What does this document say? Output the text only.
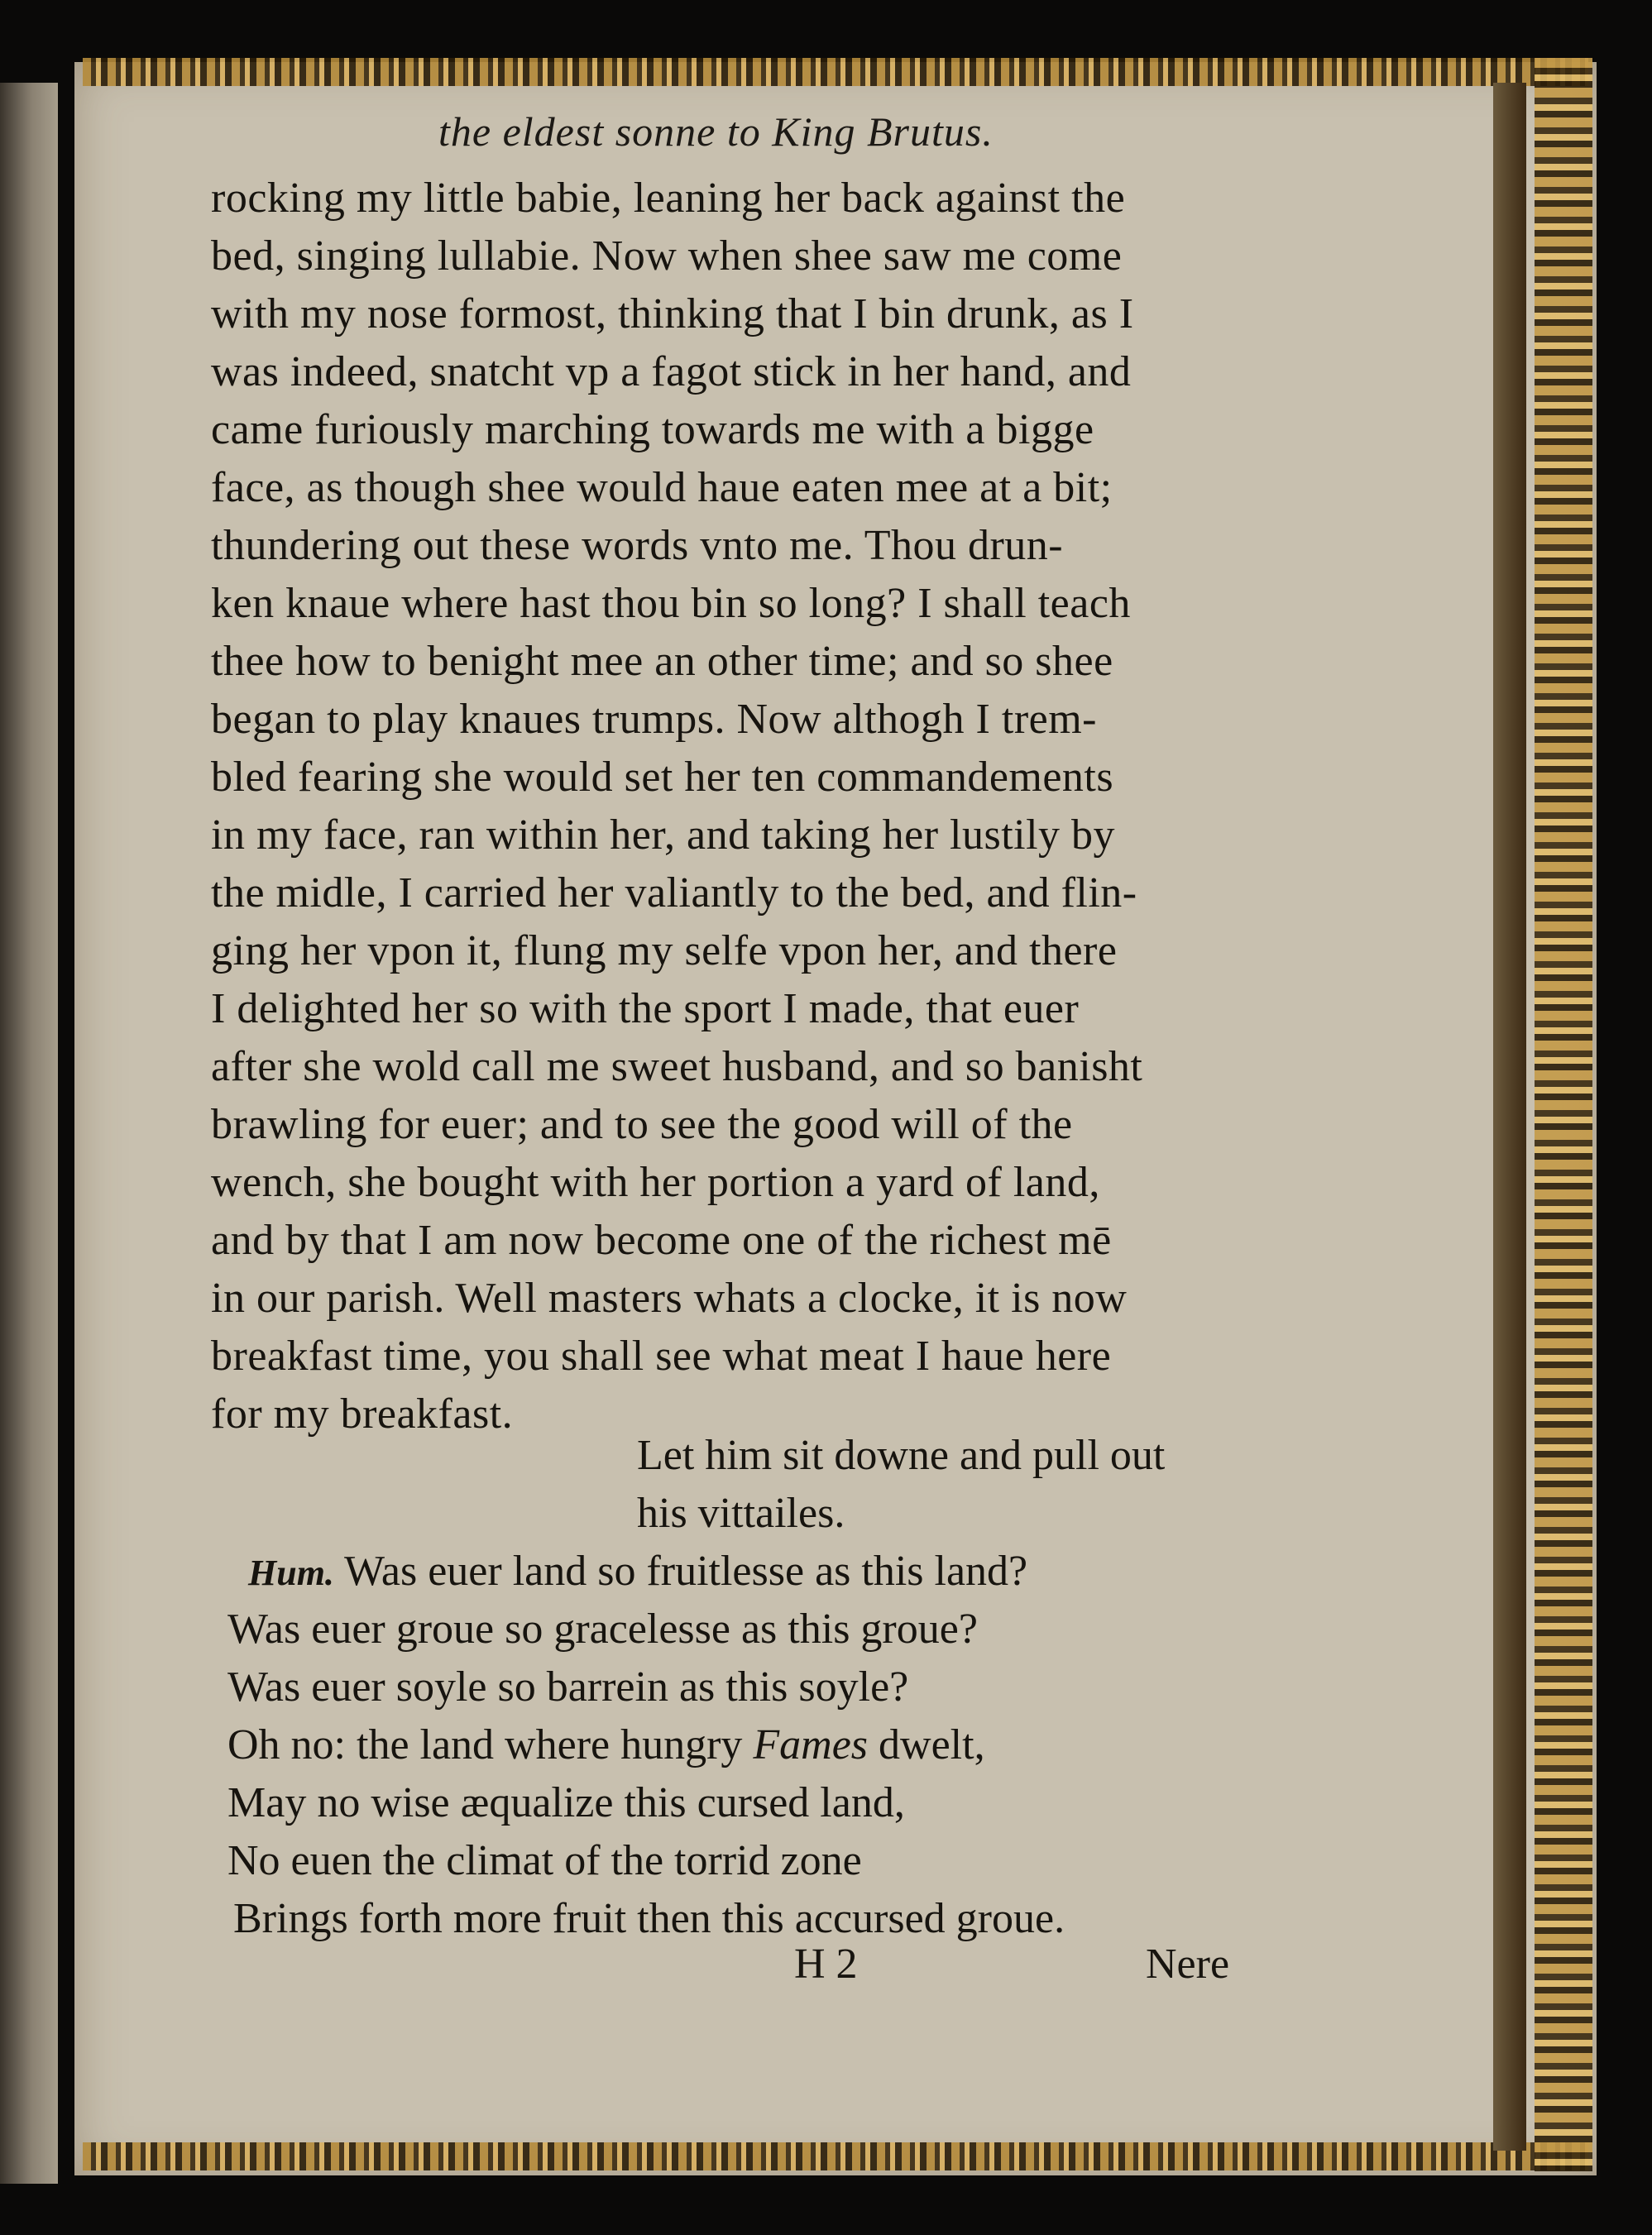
the eldest sonne to King Brutus.
rocking my little babie, leaning her back against the
bed, singing lullabie. Now when shee saw me come
with my nose formost, thinking that I bin drunk, as I
was indeed, snatcht vp a fagot stick in her hand, and
came furiously marching towards me with a bigge
face, as though shee would haue eaten mee at a bit;
thundering out these words vnto me. Thou drun-
ken knaue where hast thou bin so long? I shall teach
thee how to benight mee an other time; and so shee
began to play knaues trumps. Now althogh I trem-
bled fearing she would set her ten commandements
in my face, ran within her, and taking her lustily by
the midle, I carried her valiantly to the bed, and flin-
ging her vpon it, flung my selfe vpon her, and there
I delighted her so with the sport I made, that euer
after she wold call me sweet husband, and so banisht
brawling for euer; and to see the good will of the
wench, she bought with her portion a yard of land,
and by that I am now become one of the richest mē
in our parish. Well masters whats a clocke, it is now
breakfast time, you shall see what meat I haue here
for my breakfast.
Let him sit downe and pull out
his vittailes.
Hum. Was euer land so fruitlesse as this land?
Was euer groue so gracelesse as this groue?
Was euer soyle so barrein as this soyle?
Oh no: the land where hungry Fames dwelt,
May no wise æqualize this cursed land,
No euen the climat of the torrid zone
Brings forth more fruit then this accursed groue.
H 2	Nere
